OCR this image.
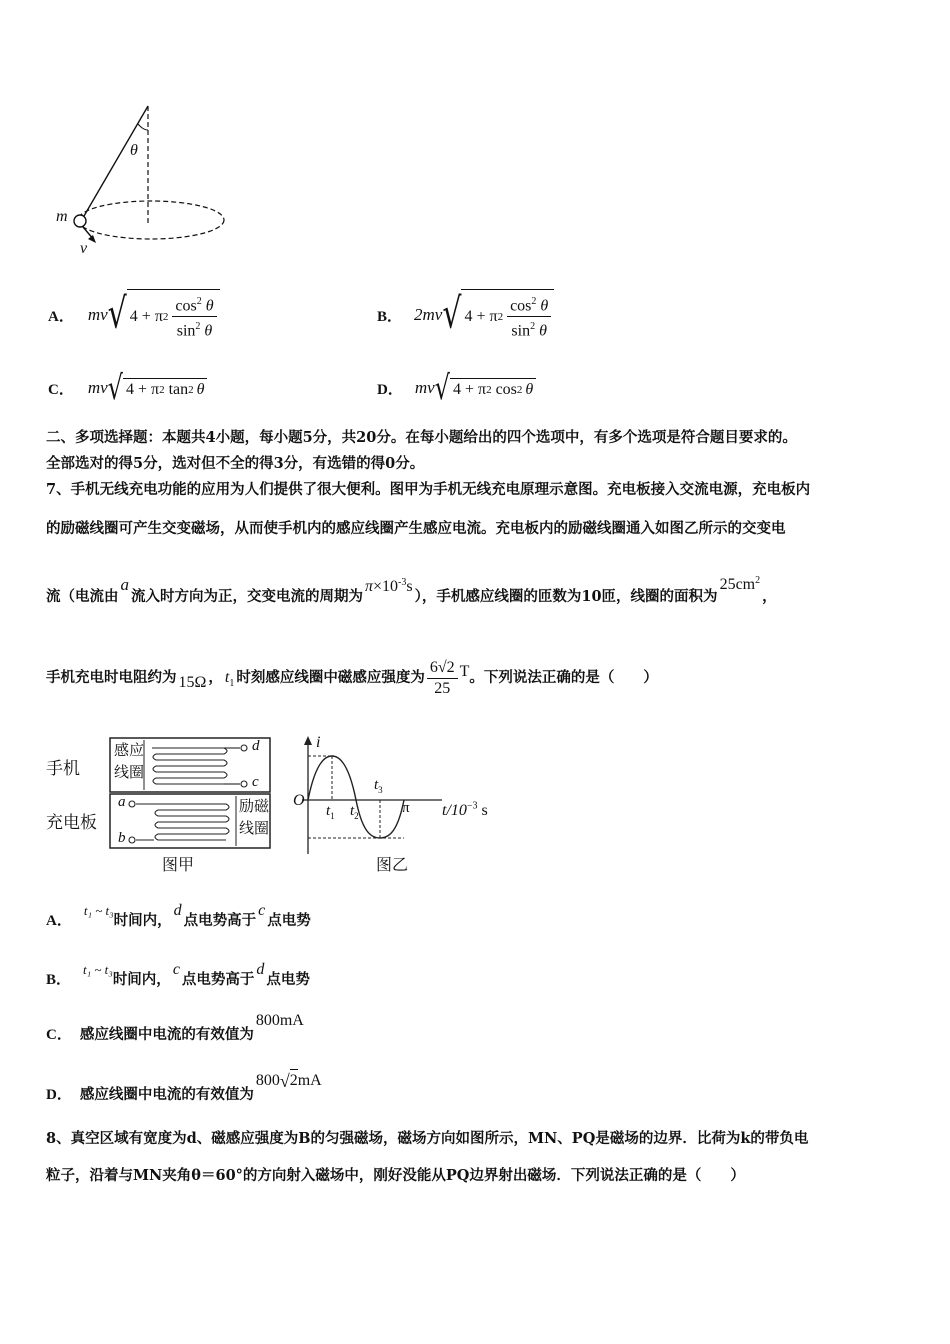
θ
m
v
A． mv √ 4 + π $2 \frac{\cos^2 \theta}{\sin^2 \theta}$	B． 2mv √ 4 + π $2 \frac{\cos^2 \theta}{\sin^2 \theta}$
C． mv √ 4 + π 2 tan 2 θ	D． mv √ 4 + π 2 cos 2 θ
二、多项选择题：本题共4小题，每小题5分，共20分。在每小题给出的四个选项中，有多个选项是符合题目要求的。
全部选对的得5分，选对但不全的得3分，有选错的得0分。
7、手机无线充电功能的应用为人们提供了很大便利。图甲为手机无线充电原理示意图。充电板接入交流电源，充电板内
的励磁线圈可产生交变磁场，从而使手机内的感应线圈产生感应电流。充电板内的励磁线圈通入如图乙所示的交变电
流（电流由
a
流入时方向为正，交变电流的周期为
$\pi\times 10^{-3}s$
），手机感应线圈的匝数为10匝，线圈的面积为
$25cm^2$
，
手机充电时电阻约为 15Ω ， $t_1$ 时刻感应线圈中磁感应强度为 $\frac{6√2}{25}$ T 。下列说法正确的是（　　）
手机
充电板
感应
线圈
励磁
线圈
d
c
a
b
图甲
i
O
$t_1$ $t_2$
$t_3$
π $t/10^{-3}$ s
图乙
A．
t₁ ~ t₃
时间内，
d
点电势高于
c
点电势
B．
t₁ ~ t₃
时间内，
c
点电势高于
d
点电势
C． 感应线圈中电流的有效值为
800mA
D． 感应线圈中电流的有效值为
800 √ 2 mA
8、真空区域有宽度为d、磁感应强度为B的匀强磁场，磁场方向如图所示，MN、PQ是磁场的边界．比荷为k的带负电
粒子，沿着与MN夹角θ＝60°的方向射入磁场中，刚好没能从PQ边界射出磁场．下列说法正确的是（　　）
